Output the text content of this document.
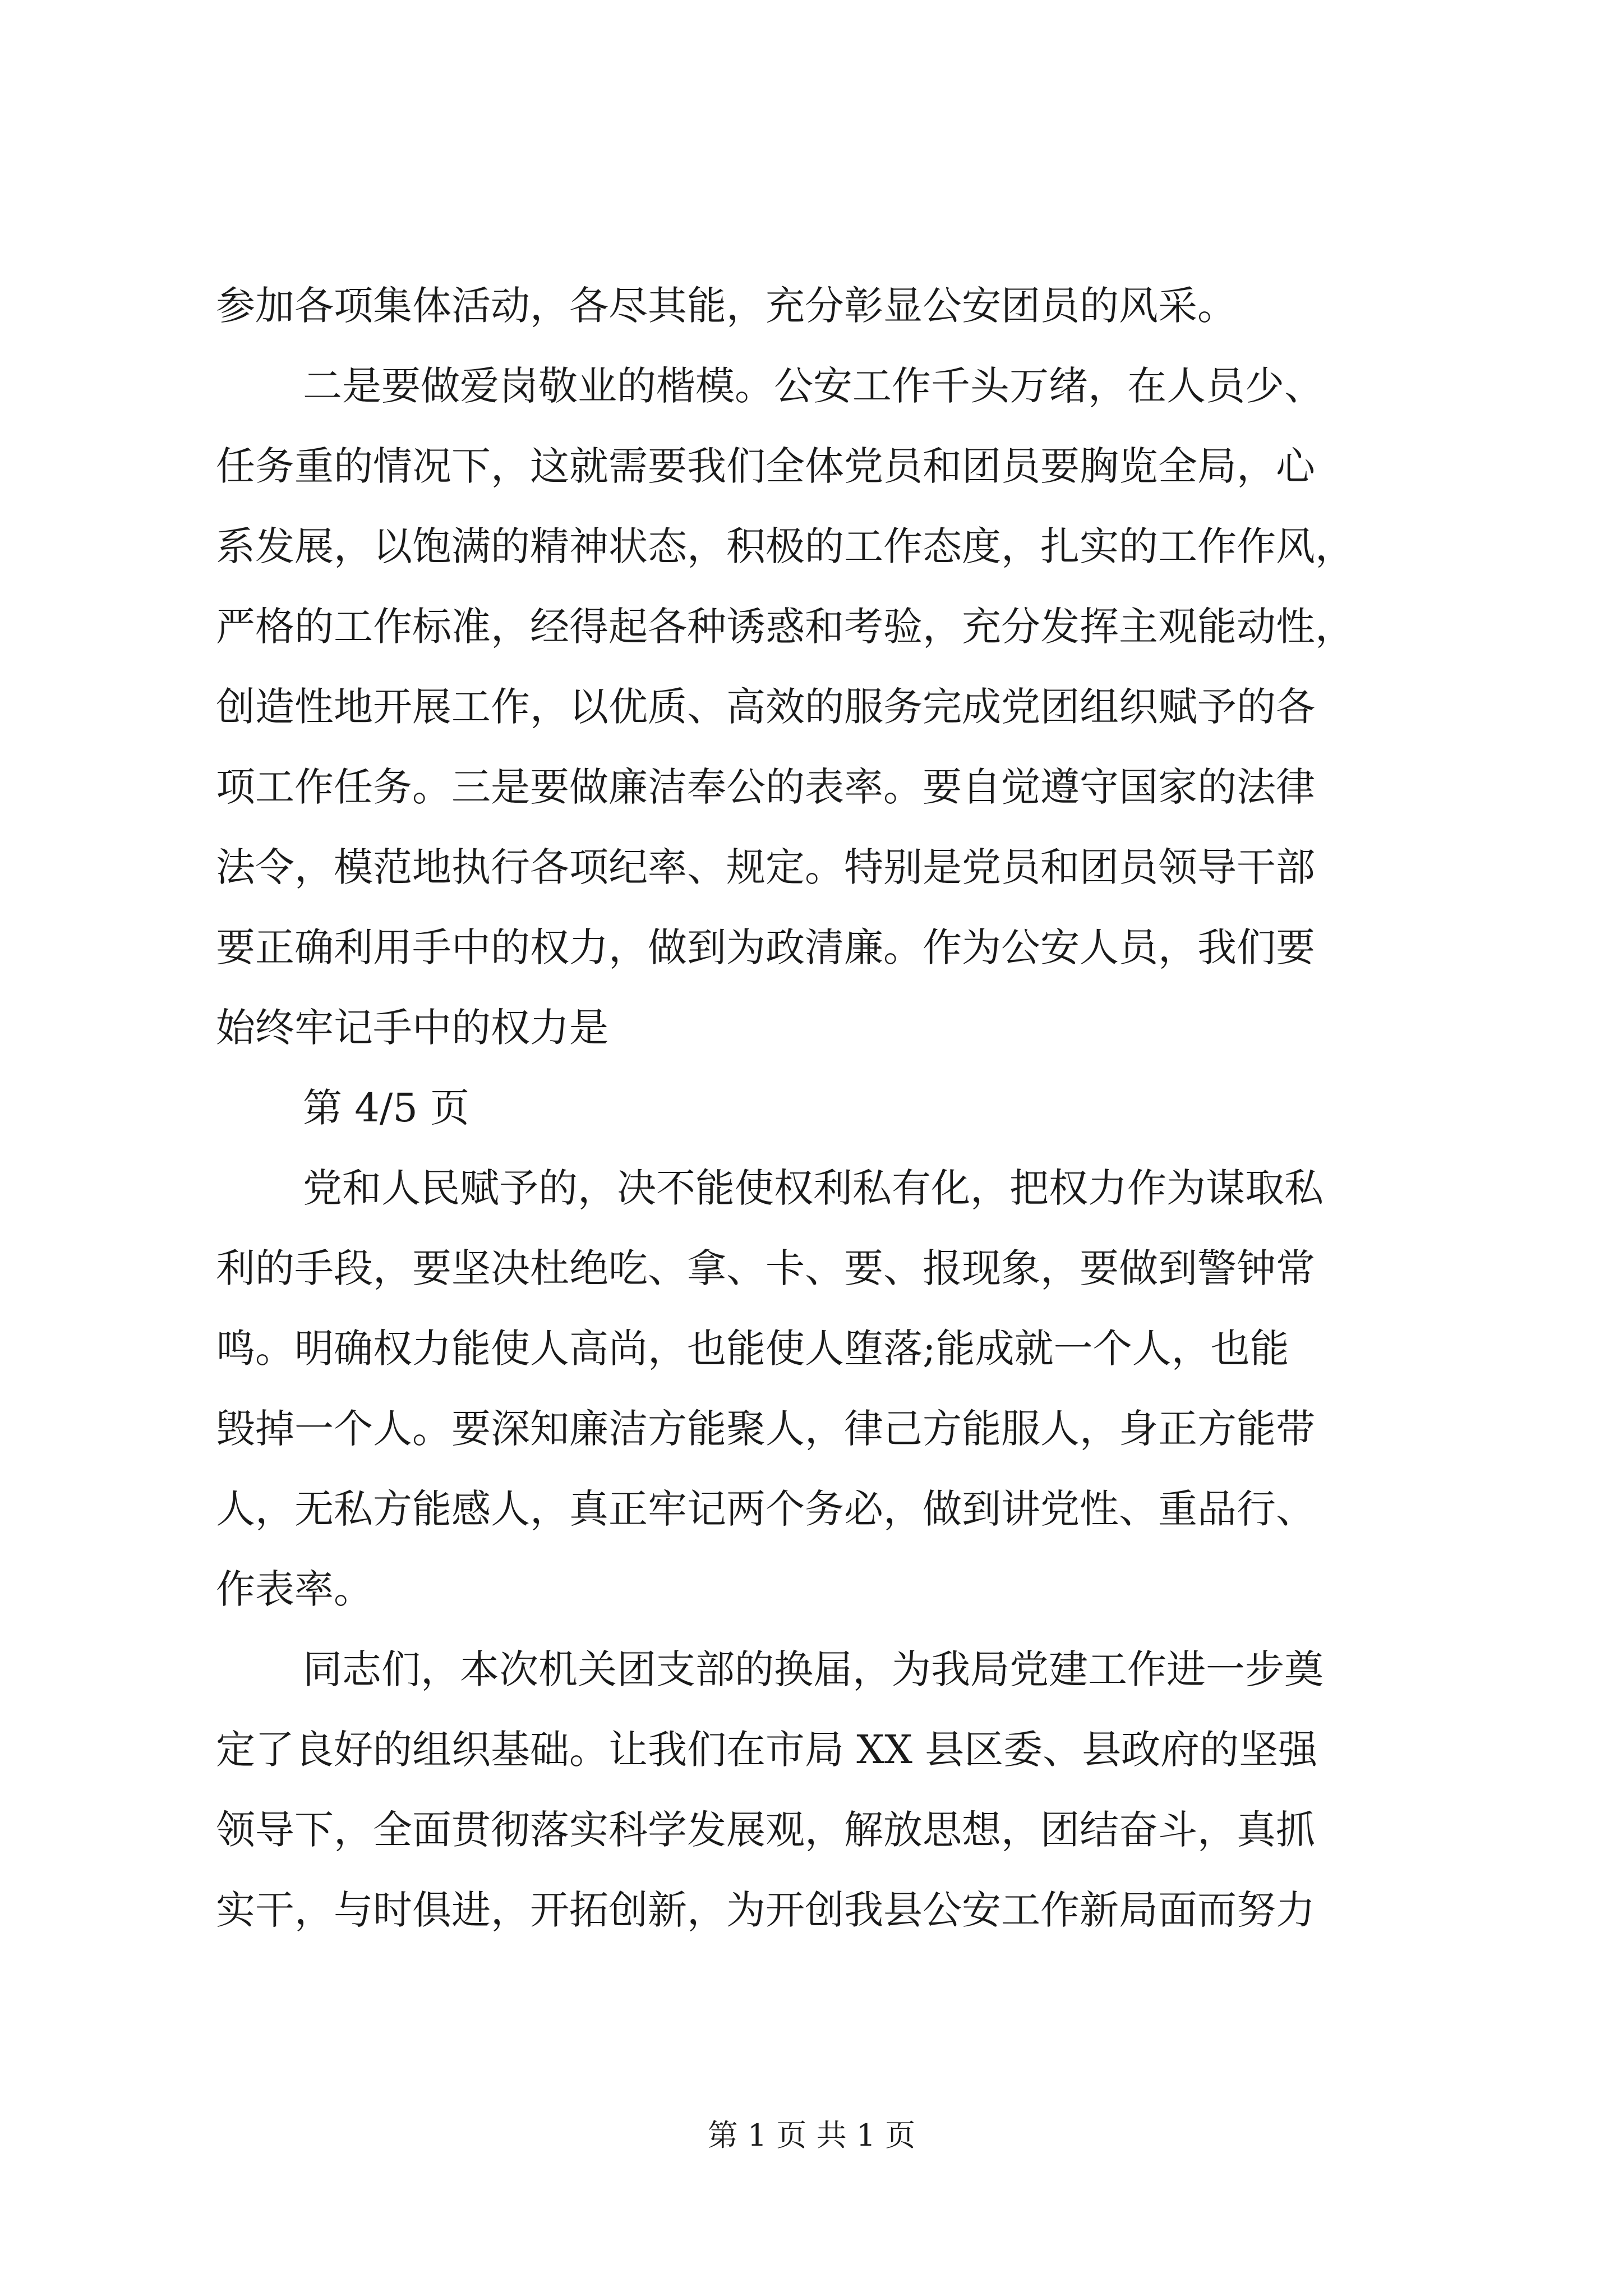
参加各项集体活动，各尽其能，充分彰显公安团员的风采。
二是要做爱岗敬业的楷模。公安工作千头万绪，在人员少、
任务重的情况下，这就需要我们全体党员和团员要胸览全局，心
系发展，以饱满的精神状态，积极的工作态度，扎实的工作作风，
严格的工作标准，经得起各种诱惑和考验，充分发挥主观能动性，
创造性地开展工作，以优质、高效的服务完成党团组织赋予的各
项工作任务。三是要做廉洁奉公的表率。要自觉遵守国家的法律
法令，模范地执行各项纪率、规定。特别是党员和团员领导干部
要正确利用手中的权力，做到为政清廉。作为公安人员，我们要
始终牢记手中的权力是
第 4/5 页
党和人民赋予的，决不能使权利私有化，把权力作为谋取私
利的手段，要坚决杜绝吃、拿、卡、要、报现象，要做到警钟常
鸣。明确权力能使人高尚，也能使人堕落;能成就一个人，也能
毁掉一个人。要深知廉洁方能聚人，律己方能服人，身正方能带
人，无私方能感人，真正牢记两个务必，做到讲党性、重品行、
作表率。
同志们，本次机关团支部的换届，为我局党建工作进一步奠
定了良好的组织基础。让我们在市局 XX 县区委、县政府的坚强
领导下，全面贯彻落实科学发展观，解放思想，团结奋斗，真抓
实干，与时俱进，开拓创新，为开创我县公安工作新局面而努力
第 1 页 共 1 页
